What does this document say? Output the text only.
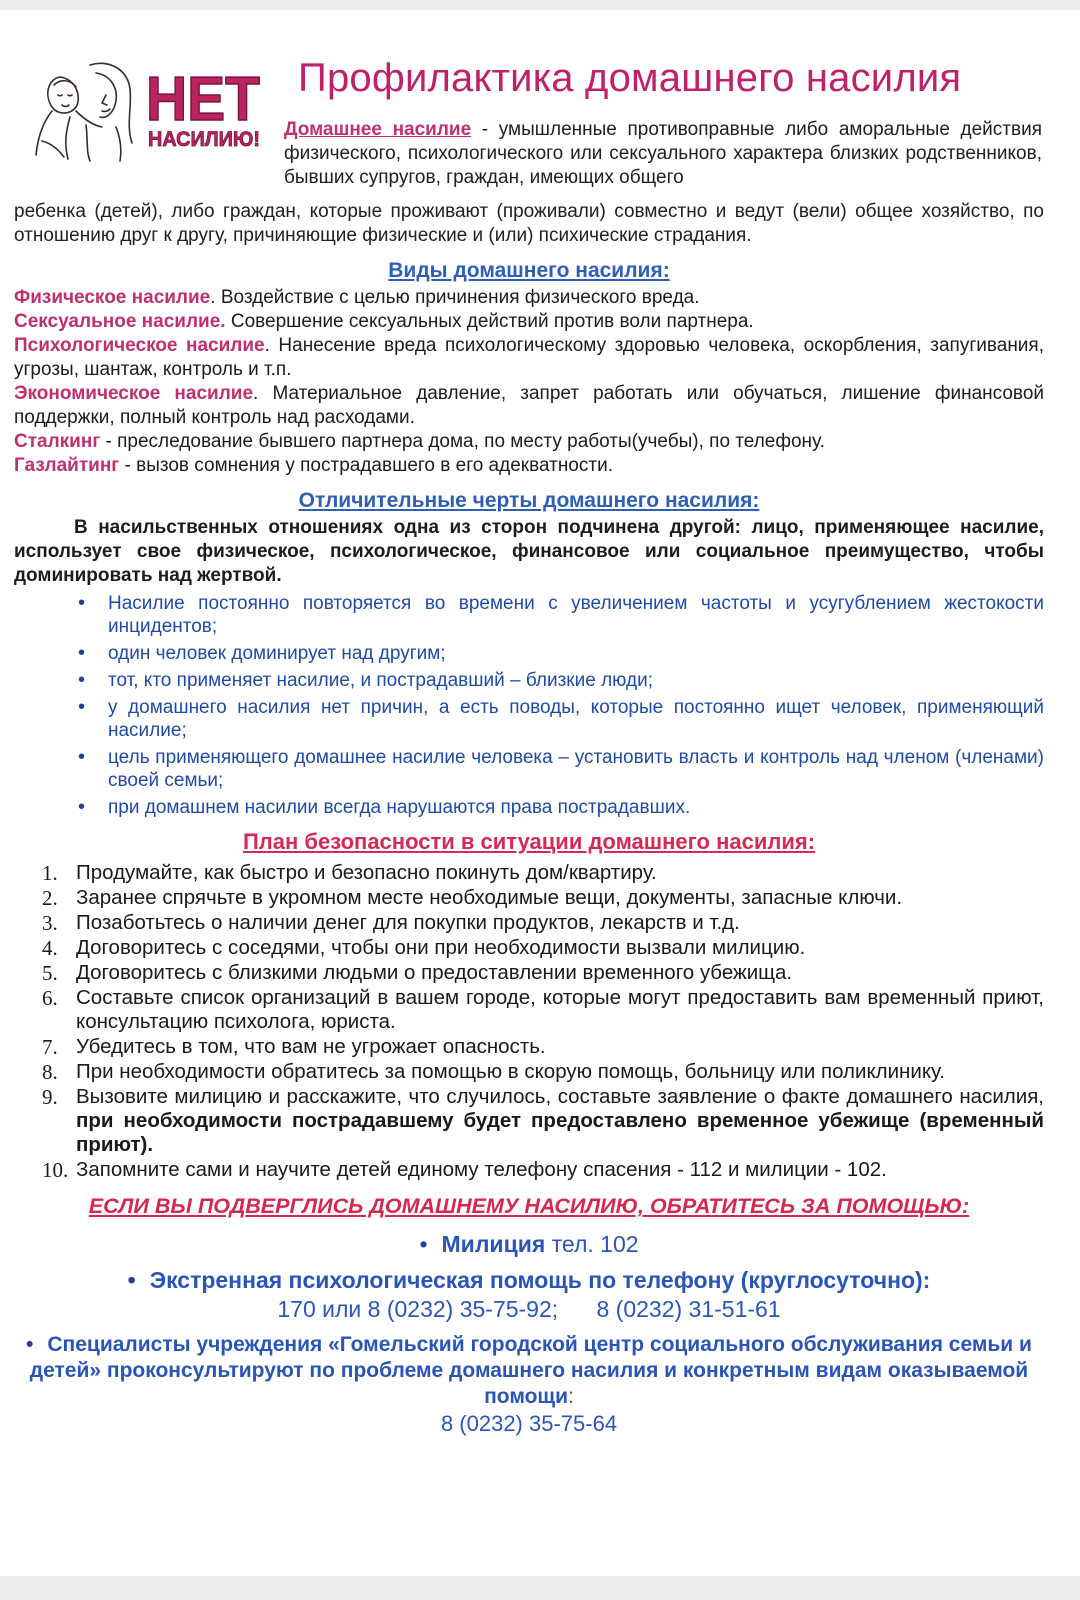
НЕТ
НАСИЛИЮ!
Профилактика домашнего насилия

Домашнее насилие - умышленные противоправные либо аморальные действия физического, психологического или сексуального характера близких родственников, бывших супругов, граждан, имеющих общего

ребенка (детей), либо граждан, которые проживают (проживали) совместно и ведут (вели) общее хозяйство, по отношению друг к другу, причиняющие физические и (или) психические страдания.

Виды домашнего насилия:

Физическое насилие. Воздействие с целью причинения физического вреда.

Сексуальное насилие. Совершение сексуальных действий против воли партнера.

Психологическое насилие. Нанесение вреда психологическому здоровью человека, оскорбления, запугивания, угрозы, шантаж, контроль и т.п.

Экономическое насилие. Материальное давление, запрет работать или обучаться, лишение финансовой поддержки, полный контроль над расходами.

Сталкинг - преследование бывшего партнера дома, по месту работы(учебы), по телефону.

Газлайтинг - вызов сомнения у пострадавшего в его адекватности.

Отличительные черты домашнего насилия:

В насильственных отношениях одна из сторон подчинена другой: лицо, применяющее насилие, использует свое физическое, психологическое, финансовое или социальное преимущество, чтобы доминировать над жертвой.

• Насилие постоянно повторяется во времени с увеличением частоты и усугублением жестокости инцидентов;
• один человек доминирует над другим;
• тот, кто применяет насилие, и пострадавший – близкие люди;
• у домашнего насилия нет причин, а есть поводы, которые постоянно ищет человек, применяющий насилие;
• цель применяющего домашнее насилие человека – установить власть и контроль над членом (членами) своей семьи;
• при домашнем насилии всегда нарушаются права пострадавших.
План безопасности в ситуации домашнего насилия:
1. Продумайте, как быстро и безопасно покинуть дом/квартиру.
2. Заранее спрячьте в укромном месте необходимые вещи, документы, запасные ключи.
3. Позаботьтесь о наличии денег для покупки продуктов, лекарств и т.д.
4. Договоритесь с соседями, чтобы они при необходимости вызвали милицию.
5. Договоритесь с близкими людьми о предоставлении временного убежища.
6. Составьте список организаций в вашем городе, которые могут предоставить вам временный приют, консультацию психолога, юриста.
7. Убедитесь в том, что вам не угрожает опасность.
8. При необходимости обратитесь за помощью в скорую помощь, больницу или поликлинику.
9. Вызовите милицию и расскажите, что случилось, составьте заявление о факте домашнего насилия, при необходимости пострадавшему будет предоставлено временное убежище (временный приют).
10. Запомните сами и научите детей единому телефону спасения - 112 и милиции - 102.

ЕСЛИ ВЫ ПОДВЕРГЛИСЬ ДОМАШНЕМУ НАСИЛИЮ, ОБРАТИТЕСЬ ЗА ПОМОЩЬЮ:

• Милиция тел. 102

• Экстренная психологическая помощь по телефону (круглосуточно):

170 или 8 (0232) 35-75-92;      8 (0232) 31-51-61

• Специалисты учреждения «Гомельский городской центр социального обслуживания семьи и детей» проконсультируют по проблеме домашнего насилия и конкретным видам оказываемой помощи:

8 (0232) 35-75-64
